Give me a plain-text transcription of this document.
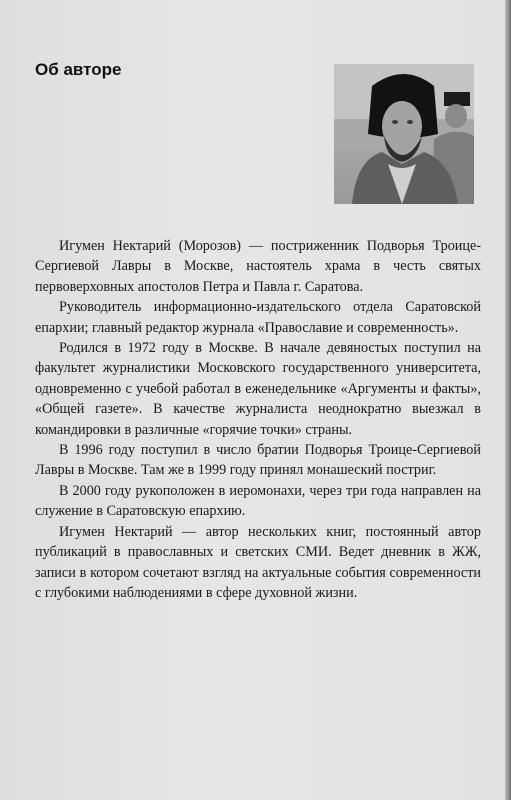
Об авторе

Игумен Нектарий (Морозов) — постриженник Подворья Троице-Сергиевой Лавры в Москве, настоятель храма в честь святых первоверховных апостолов Петра и Павла г. Саратова.

Руководитель информационно-издательского отдела Саратовской епархии; главный редактор журнала «Православие и современность».

Родился в 1972 году в Москве. В начале девяностых поступил на факультет журналистики Московского государственного университета, одновременно с учебой работал в еженедельнике «Аргументы и факты», «Общей газете». В качестве журналиста неоднократно выезжал в командировки в различные «горячие точки» страны.

В 1996 году поступил в число братии Подворья Троице-Сергиевой Лавры в Москве. Там же в 1999 году принял монашеский постриг.

В 2000 году рукоположен в иеромонахи, через три года направлен на служение в Саратовскую епархию.

Игумен Нектарий — автор нескольких книг, постоянный автор публикаций в православных и светских СМИ. Ведет дневник в ЖЖ, записи в котором сочетают взгляд на актуальные события современности с глубокими наблюдениями в сфере духовной жизни.
